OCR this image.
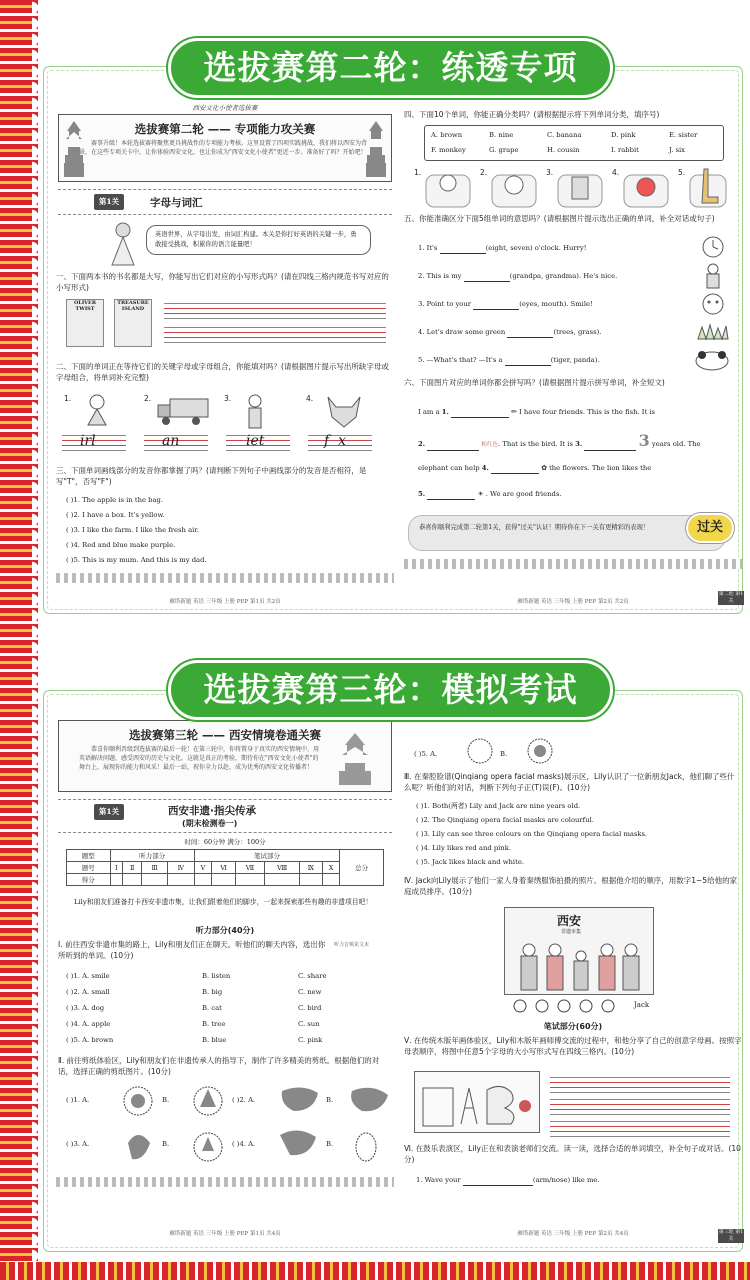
选拔赛第二轮：练透专项
西安文化小使者选拔赛
选拔赛第二轮 —— 专项能力攻关赛
赛事升级！本轮选拔赛将聚焦更具挑战性的专项能力考核。这里设置了四项实践挑战，我们将以西安为背景，在这些专项关卡中，让你体验西安文化，也让你成为"西安文化小使者"更近一步。准备好了吗？开始吧！
第1关	字母与词汇
英语世界，从字母出发，由词汇构建。本关是你打好英语的关键一步，勇敢接受挑战，积累你的语言能量吧！
一、下面两本书的书名都是大写，你能写出它们对应的小写形式吗？(请在四线三格内规范书写对应的小写形式)
OLIVER TWIST
TREASURE ISLAND
二、下面的单词正在等待它们的关键字母或字母组合，你能填对吗？(请根据图片提示写出所缺字母或字母组合，将单词补充完整)
1.	2.	3.	4.
irl	an	iet	f  x
三、下面单词画线部分的发音你都掌握了吗？(请判断下列句子中画线部分的发音是否相符，是写"T"，否写"F")
( )1. The apple is in the bag.
( )2. I have a box. It's yellow.
( )3. I like the farm. I like the fresh air.
( )4. Red and blue make purple.
( )5. This is my mum. And this is my dad.
雁塔新题 英语 三年级 上册 PEP 第1页 共2页
四、下面10个单词，你能正确分类吗？(请根据提示将下列单词分类，填序号)
A. brown	B. nine	C. banana	D. pink	E. sister
F. monkey	G. grape	H. cousin	I. rabbit	J. six
1.	2.	3.	4.	5.
五、你能准确区分下面5组单词的意思吗？(请根据图片提示选出正确的单词，补全对话或句子)
1. It's	(eight, seven) o'clock. Hurry!
2. This is my	(grandpa, grandma). He's nice.
3. Point to your	(eyes, mouth). Smile!
4. Let's draw some green	(trees, grass).
5. —What's that? —It's a	(tiger, panda).
六、下面图片对应的单词你都会拼写吗？(请根据图片提示拼写单词，补全短文)
I am a 1.	✏ I have four friends. This is the fish. It is
2.	粉红色. That is the bird. It is 3.	3 years old. The
elephant can help 4.	✿ the flowers. The lion likes the
5.	☀ . We are good friends.
恭喜你顺利完成第二轮第1关，获得"过关"认证！期待你在下一关有更精彩的表现！	过关
雁塔新题 英语 三年级 上册 PEP 第2页 共2页
第二轮 第1关
选拔赛第三轮：模拟考试
选拔赛第三轮 —— 西安情境卷通关赛
恭喜你顺利晋级到选拔赛的最后一轮！在第三轮中，你将置身于真实的西安情境中，用英语解决问题，感受西安的历史与文化。这就是真正的考验，期待你在"西安文化小使者"的舞台上，展现你的能力和风采！最后一站，祝你全力以赴，成为优秀的西安文化传播者！
第1关	西安非遗·指尖传承
(期末检测卷一)
时间：60分钟 满分：100分
题型	听力部分				笔试部分						总分
题号	Ⅰ	Ⅱ	Ⅲ	Ⅳ	Ⅴ	Ⅵ	Ⅶ	Ⅷ	Ⅸ	Ⅹ	
得分											
Lily和朋友们准备打卡西安非遗市集，让我们跟着他们的脚步，一起来探索那些有趣的非遗项目吧！
听力部分(40分)
Ⅰ. 前往西安非遗市集的路上，Lily和朋友们正在聊天。听他们的聊天内容，选出你所听到的单词。(10分)
听力音频见文末
( )1. A. smile	B. listen	C. share
( )2. A. small	B. big	C. new
( )3. A. dog	B. cat	C. bird
( )4. A. apple	B. tree	C. sun
( )5. A. brown	B. blue	C. pink
Ⅱ. 前往剪纸体验区，Lily和朋友们在非遗传承人的指导下，制作了许多精美的剪纸。根据他们的对话，选择正确的剪纸图片。(10分)
( )1. A.	B.	( )2. A.	B.
( )3. A.	B.	( )4. A.	B.
雁塔新题 英语 三年级 上册 PEP 第1页 共4页
( )5. A.	B.
Ⅲ. 在秦腔脸谱(Qinqiang opera facial masks)展示区，Lily认识了一位新朋友Jack，他们聊了些什么呢？听他们的对话，判断下列句子正(T)误(F)。(10分)
( )1. Both(两者) Lily and Jack are nine years old.
( )2. The Qinqiang opera facial masks are colourful.
( )3. Lily can see three colours on the Qinqiang opera facial masks.
( )4. Lily likes red and pink.
( )5. Jack likes black and white.
Ⅳ. Jack向Lily展示了他们一家人身着秦绣服饰拍摄的照片。根据他介绍的顺序，用数字1~5给他的家庭成员排序。(10分)
西安
非遗市集
Jack
笔试部分(60分)
Ⅴ. 在传统木版年画体验区，Lily和木版年画师傅交流的过程中，和他分享了自己的创意字母画。按照字母表顺序，将图中任意5个字母的大小写形式写在四线三格内。(10分)
Ⅵ. 在鼓乐表演区，Lily正在和表演老师们交流。读一读，选择合适的单词填空，补全句子或对话。(10分)
1. Wave your	(arm/nose) like me.
雁塔新题 英语 三年级 上册 PEP 第2页 共4页	第三轮 第1关
